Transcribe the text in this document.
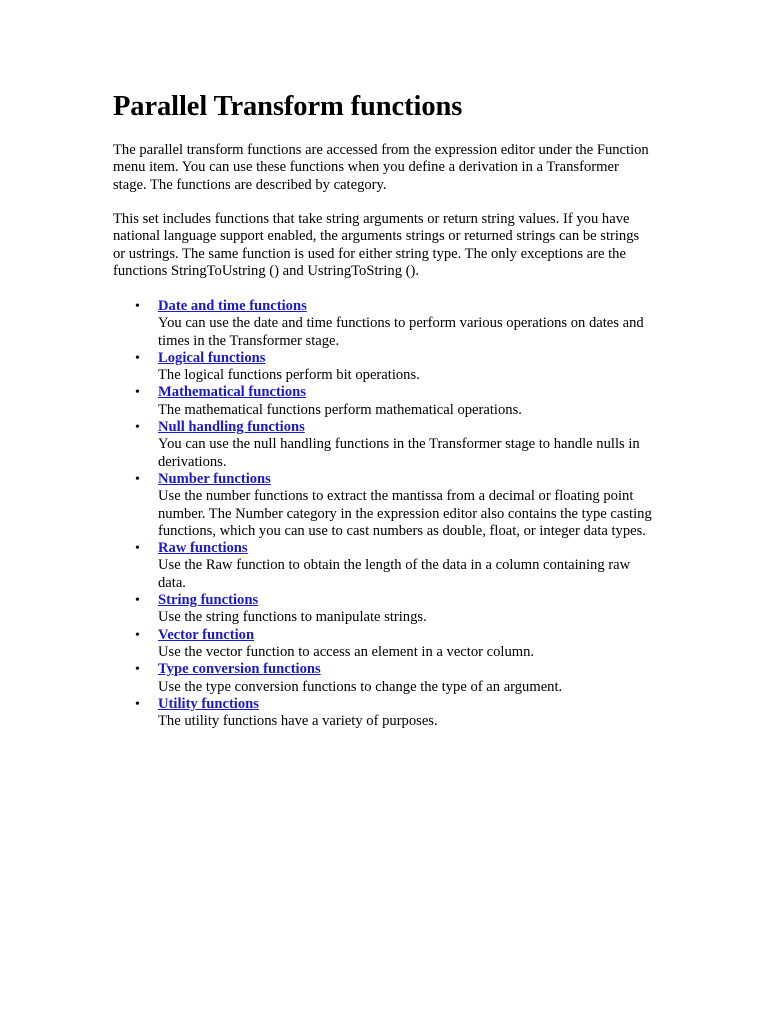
Parallel Transform functions

The parallel transform functions are accessed from the expression editor under the Function menu item. You can use these functions when you define a derivation in a Transformer stage. The functions are described by category.

This set includes functions that take string arguments or return string values. If you have national language support enabled, the arguments strings or returned strings can be strings or ustrings. The same function is used for either string type. The only exceptions are the functions StringToUstring () and UstringToString ().

• Date and time functions
You can use the date and time functions to perform various operations on dates and times in the Transformer stage.
• Logical functions
The logical functions perform bit operations.
• Mathematical functions
The mathematical functions perform mathematical operations.
• Null handling functions
You can use the null handling functions in the Transformer stage to handle nulls in derivations.
• Number functions
Use the number functions to extract the mantissa from a decimal or floating point number. The Number category in the expression editor also contains the type casting functions, which you can use to cast numbers as double, float, or integer data types.
• Raw functions
Use the Raw function to obtain the length of the data in a column containing raw data.
• String functions
Use the string functions to manipulate strings.
• Vector function
Use the vector function to access an element in a vector column.
• Type conversion functions
Use the type conversion functions to change the type of an argument.
• Utility functions
The utility functions have a variety of purposes.
